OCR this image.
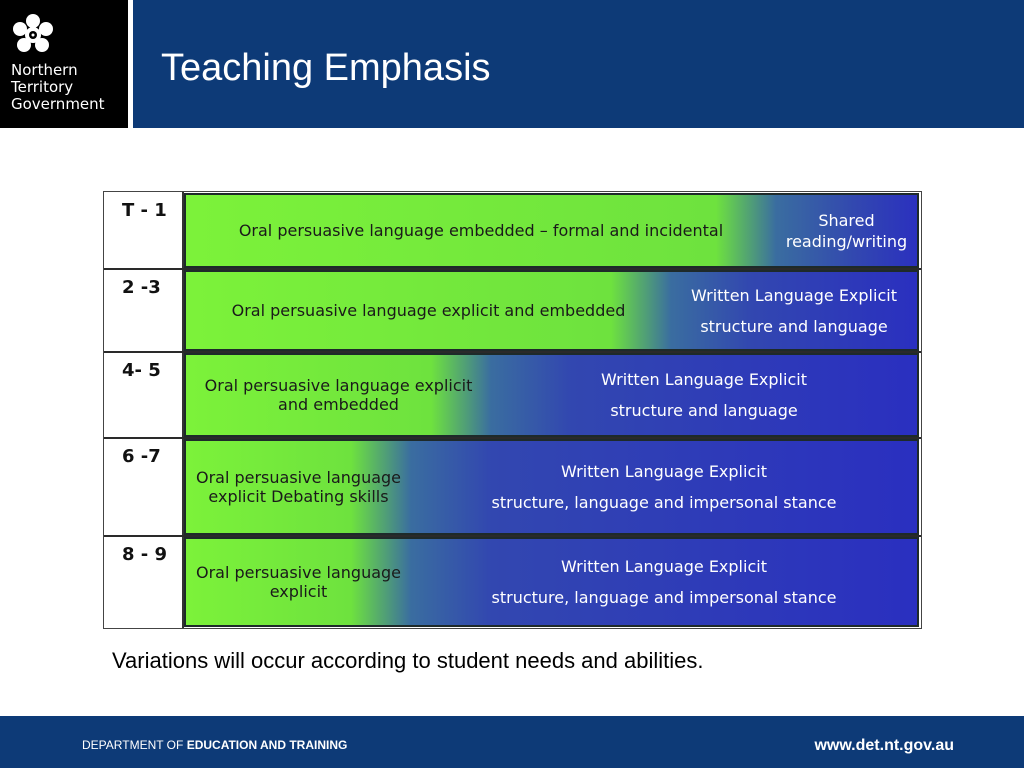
Northern
Territory
Government
Teaching Emphasis
T - 1
Oral persuasive language embedded – formal and incidental
Shared
reading/writing
2 -3
Oral persuasive language explicit and embedded
Written Language Explicit
structure and language
4- 5
Oral persuasive language explicit
and embedded
Written Language Explicit
structure and language
6 -7
Oral persuasive language
explicit Debating skills
Written Language Explicit
structure, language and impersonal stance
8 - 9
Oral persuasive language
explicit
Written Language Explicit
structure, language and impersonal stance
Variations will occur according to student needs and abilities.
DEPARTMENT OF EDUCATION AND TRAINING	www.det.nt.gov.au
